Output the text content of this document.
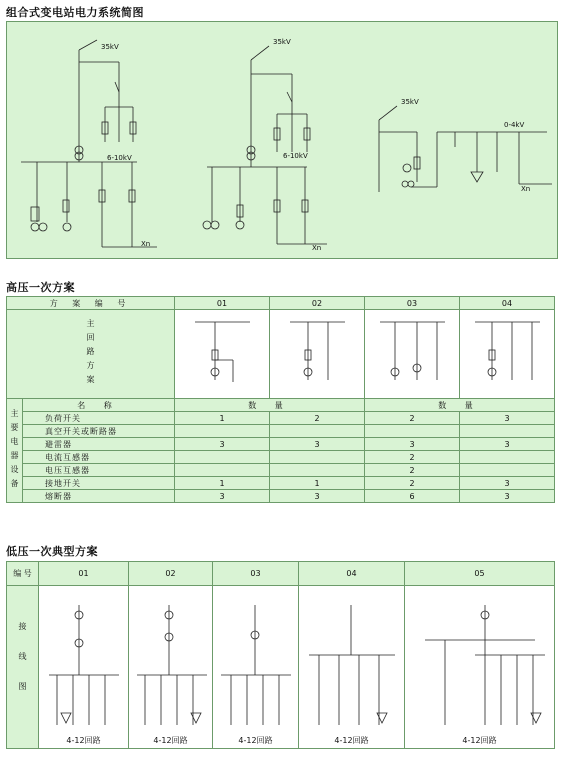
组合式变电站电力系统简图
35kV
35kV
35kV
6-10kV	6-10kV
0-4kV
Xn	Xn
Xn
高压一次方案
方 案 编 号		01	02	03	04

主回路方案

主要电器设备	名 称	数 量		数 量	
	负荷开关	1	2	2	3
	真空开关或断路器				
	避雷器	3	3	3	3
	电流互感器			2	
	电压互感器			2	
	接地开关	1	1	2	3
	熔断器	3	3	6	3
低压一次典型方案
编 号	01	02	03	04	05

接线图	4-12回路	4-12回路	4-12回路	4-12回路	4-12回路
